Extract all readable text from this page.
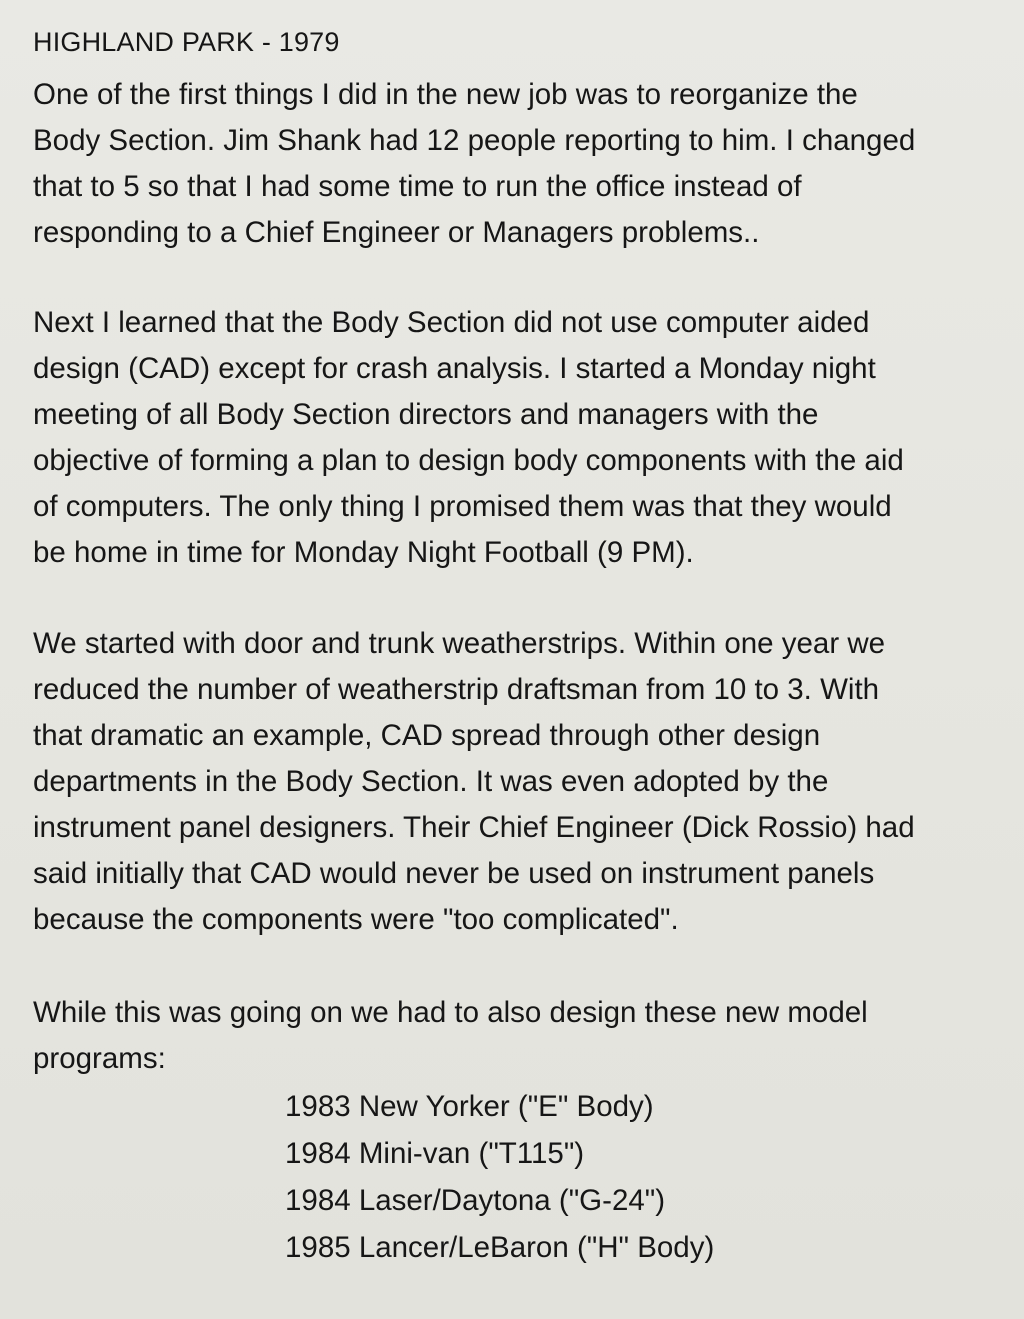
HIGHLAND PARK - 1979

One of the first things I did in the new job was to reorganize the
Body Section. Jim Shank had 12 people reporting to him. I changed
that to 5 so that I had some time to run the office instead of
responding to a Chief Engineer or Managers problems..

Next I learned that the Body Section did not use computer aided
design (CAD) except for crash analysis. I started a Monday night
meeting of all Body Section directors and managers with the
objective of forming a plan to design body components with the aid
of computers. The only thing I promised them was that they would
be home in time for Monday Night Football (9 PM).

We started with door and trunk weatherstrips. Within one year we
reduced the number of weatherstrip draftsman from 10 to 3. With
that dramatic an example, CAD spread through other design
departments in the Body Section. It was even adopted by the
instrument panel designers. Their Chief Engineer (Dick Rossio) had
said initially that CAD would never be used on instrument panels
because the components were "too complicated".

While this was going on we had to also design these new model
programs:

1983 New Yorker ("E" Body)
1984 Mini-van ("T115")
1984 Laser/Daytona ("G-24")
1985 Lancer/LeBaron ("H" Body)
